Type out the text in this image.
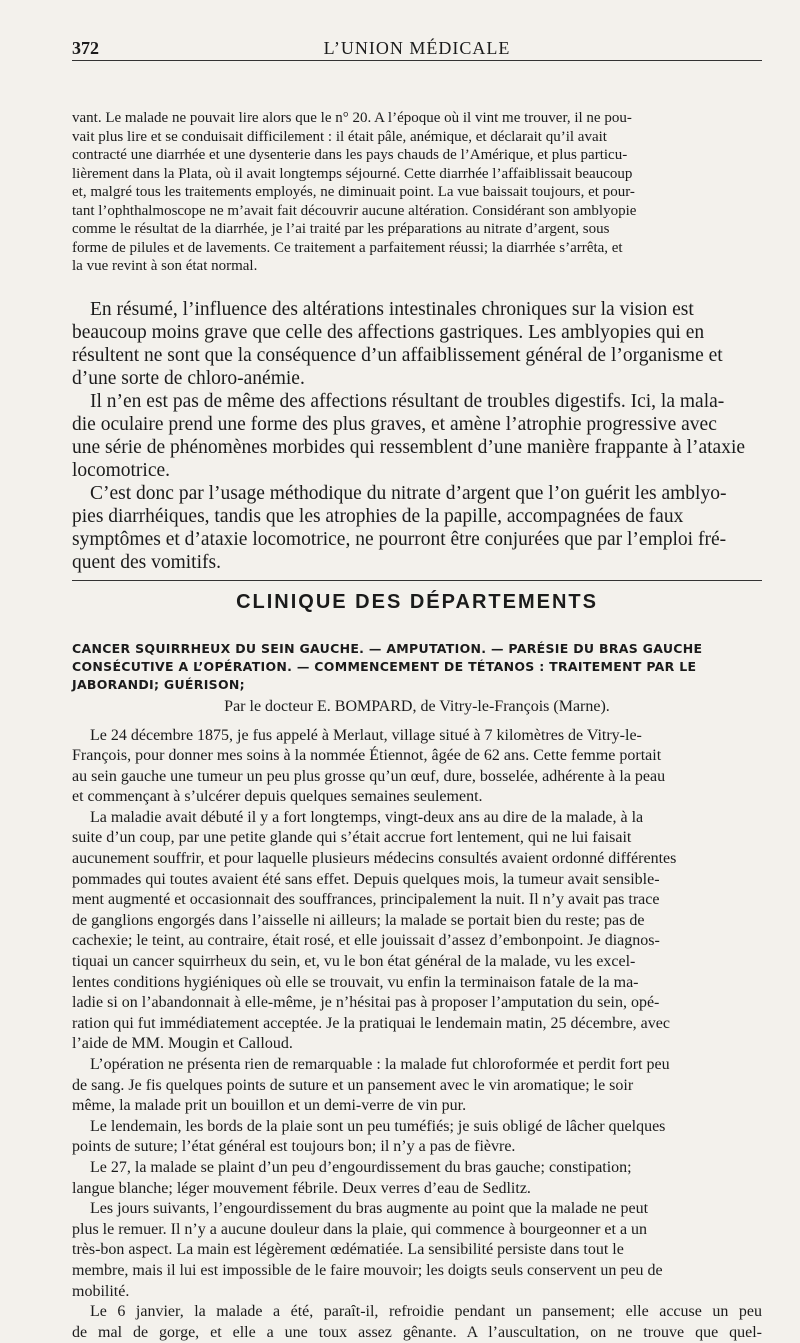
372	L’UNION MÉDICALE

vant. Le malade ne pouvait lire alors que le n° 20. A l’époque où il vint me trouver, il ne pou-
vait plus lire et se conduisait difficilement : il était pâle, anémique, et déclarait qu’il avait
contracté une diarrhée et une dysenterie dans les pays chauds de l’Amérique, et plus particu-
lièrement dans la Plata, où il avait longtemps séjourné. Cette diarrhée l’affaiblissait beaucoup
et, malgré tous les traitements employés, ne diminuait point. La vue baissait toujours, et pour-
tant l’ophthalmoscope ne m’avait fait découvrir aucune altération. Considérant son amblyopie
comme le résultat de la diarrhée, je l’ai traité par les préparations au nitrate d’argent, sous
forme de pilules et de lavements. Ce traitement a parfaitement réussi; la diarrhée s’arrêta, et
la vue revint à son état normal.

En résumé, l’influence des altérations intestinales chroniques sur la vision est
beaucoup moins grave que celle des affections gastriques. Les amblyopies qui en
résultent ne sont que la conséquence d’un affaiblissement général de l’organisme et
d’une sorte de chloro-anémie.

Il n’en est pas de même des affections résultant de troubles digestifs. Ici, la mala-
die oculaire prend une forme des plus graves, et amène l’atrophie progressive avec
une série de phénomènes morbides qui ressemblent d’une manière frappante à l’ataxie
locomotrice.

C’est donc par l’usage méthodique du nitrate d’argent que l’on guérit les amblyo-
pies diarrhéiques, tandis que les atrophies de la papille, accompagnées de faux
symptômes et d’ataxie locomotrice, ne pourront être conjurées que par l’emploi fré-
quent des vomitifs.

CLINIQUE DES DÉPARTEMENTS

CANCER SQUIRRHEUX DU SEIN GAUCHE. — AMPUTATION. — PARÉSIE DU BRAS GAUCHE
CONSÉCUTIVE A L’OPÉRATION. — COMMENCEMENT DE TÉTANOS : TRAITEMENT PAR LE
JABORANDI; GUÉRISON;

Par le docteur E. BOMPARD, de Vitry-le-François (Marne).

Le 24 décembre 1875, je fus appelé à Merlaut, village situé à 7 kilomètres de Vitry-le-
François, pour donner mes soins à la nommée Étiennot, âgée de 62 ans. Cette femme portait
au sein gauche une tumeur un peu plus grosse qu’un œuf, dure, bosselée, adhérente à la peau
et commençant à s’ulcérer depuis quelques semaines seulement.

La maladie avait débuté il y a fort longtemps, vingt-deux ans au dire de la malade, à la
suite d’un coup, par une petite glande qui s’était accrue fort lentement, qui ne lui faisait
aucunement souffrir, et pour laquelle plusieurs médecins consultés avaient ordonné différentes
pommades qui toutes avaient été sans effet. Depuis quelques mois, la tumeur avait sensible-
ment augmenté et occasionnait des souffrances, principalement la nuit. Il n’y avait pas trace
de ganglions engorgés dans l’aisselle ni ailleurs; la malade se portait bien du reste; pas de
cachexie; le teint, au contraire, était rosé, et elle jouissait d’assez d’embonpoint. Je diagnos-
tiquai un cancer squirrheux du sein, et, vu le bon état général de la malade, vu les excel-
lentes conditions hygiéniques où elle se trouvait, vu enfin la terminaison fatale de la ma-
ladie si on l’abandonnait à elle-même, je n’hésitai pas à proposer l’amputation du sein, opé-
ration qui fut immédiatement acceptée. Je la pratiquai le lendemain matin, 25 décembre, avec
l’aide de MM. Mougin et Calloud.

L’opération ne présenta rien de remarquable : la malade fut chloroformée et perdit fort peu
de sang. Je fis quelques points de suture et un pansement avec le vin aromatique; le soir
même, la malade prit un bouillon et un demi-verre de vin pur.

Le lendemain, les bords de la plaie sont un peu tuméfiés; je suis obligé de lâcher quelques
points de suture; l’état général est toujours bon; il n’y a pas de fièvre.

Le 27, la malade se plaint d’un peu d’engourdissement du bras gauche; constipation;
langue blanche; léger mouvement fébrile. Deux verres d’eau de Sedlitz.

Les jours suivants, l’engourdissement du bras augmente au point que la malade ne peut
plus le remuer. Il n’y a aucune douleur dans la plaie, qui commence à bourgeonner et a un
très-bon aspect. La main est légèrement œdématiée. La sensibilité persiste dans tout le
membre, mais il lui est impossible de le faire mouvoir; les doigts seuls conservent un peu de
mobilité.

Le 6 janvier, la malade a été, paraît-il, refroidie pendant un pansement; elle accuse un peu
de mal de gorge, et elle a une toux assez gênante. A l’auscultation, on ne trouve que quel-
